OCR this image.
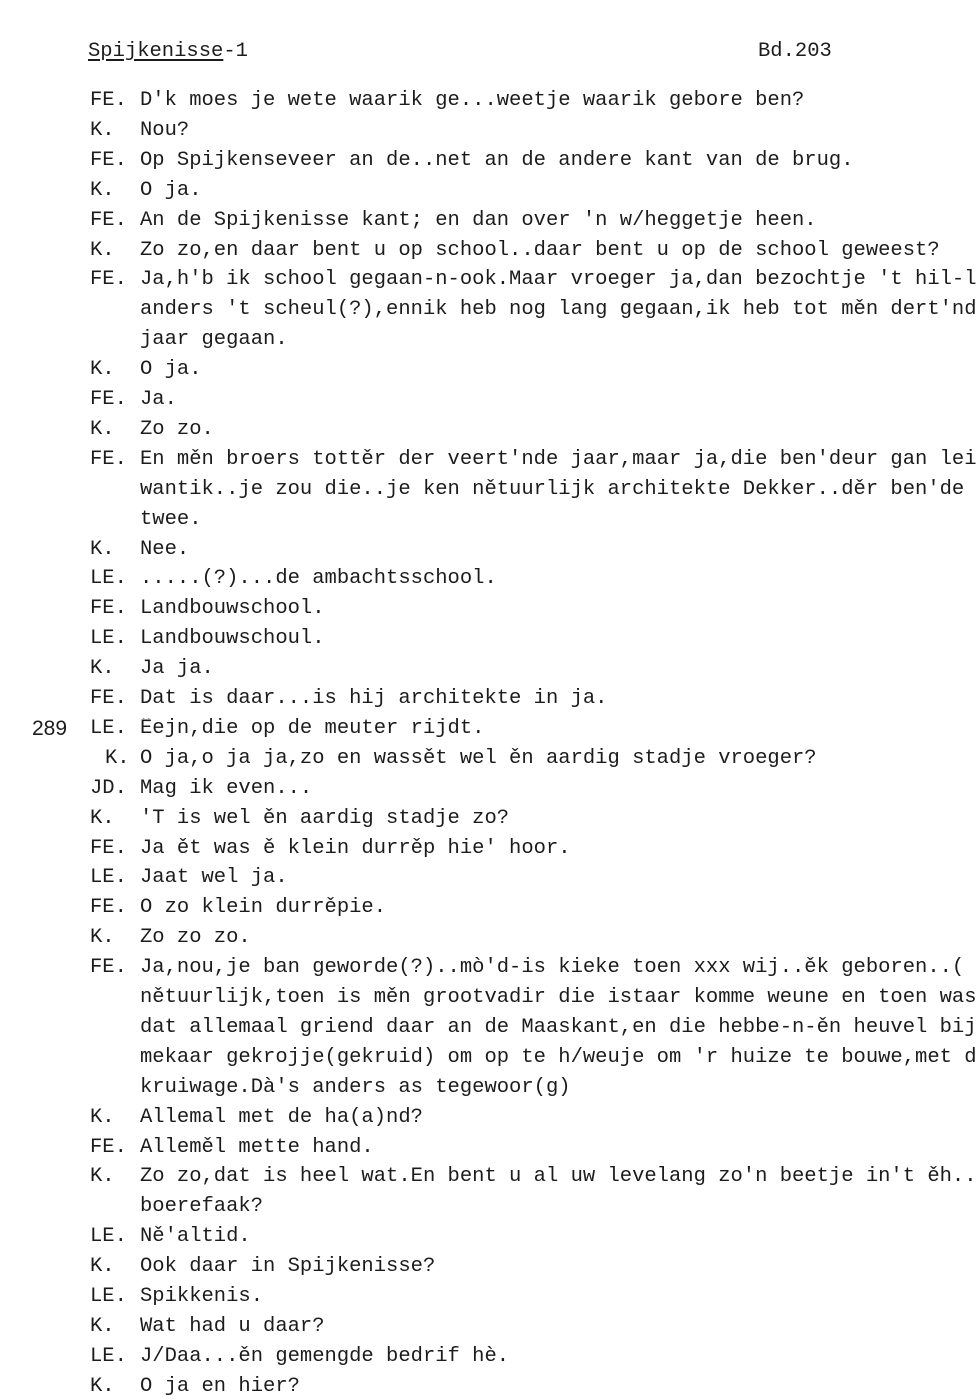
Spijkenisse-1	Bd.203
FE. D'k moes je wete waarik ge...weetje waarik gebore ben?
K. Nou?
FE. Op Spijkenseveer an de..net an de andere kant van de brug.
K. O ja.
FE. An de Spijkenisse kant; en dan over 'n w/heggetje heen.
K. Zo zo,en daar bent u op school..daar bent u op de school geweest?
FE. Ja,h'b ik school gegaan-n-ook.Maar vroeger ja,dan bezochtje 't hil-l
anders 't scheul(?),ennik heb nog lang gegaan,ik heb tot měn dert'nd
jaar gegaan.
K. O ja.
FE. Ja.
K. Zo zo.
FE. En měn broers tottěr der veert'nde jaar,maar ja,die ben'deur gan lei
wantik..je zou die..je ken nětuurlijk architekte Dekker..děr ben'de
twee.
K. Nee.
LE. .....(?)...de ambachtsschool.
FE. Landbouwschool.
LE. Landbouwschoul.
K. Ja ja.
FE. Dat is daar...is hij architekte in ja.
289 LE. Êejn,die op de meuter rijdt.
K. O ja,o ja ja,zo en wassět wel ěn aardig stadje vroeger?
JD. Mag ik even...
K. 'T is wel ěn aardig stadje zo?
FE. Ja ět was ě klein durrěp hie' hoor.
LE. Jaat wel ja.
FE. O zo klein durrěpie.
K. Zo zo zo.
FE. Ja,nou,je ban geworde(?)..mò'd-is kieke toen xxx wij..ěk geboren..(
nětuurlijk,toen is měn grootvadir die istaar komme weune en toen was
dat allemaal griend daar an de Maaskant,en die hebbe-n-ěn heuvel bij
mekaar gekrojje(gekruid) om op te h/weuje om 'r huize te bouwe,met d
kruiwage.Dà's anders as tegewoor(g)
K. Allemal met de ha(a)nd?
FE. Alleměl mette hand.
K. Zo zo,dat is heel wat.En bent u al uw levelang zo'n beetje in't ěh..
boerefaak?
LE. Ně'altid.
K. Ook daar in Spijkenisse?
LE. Spikkenis.
K. Wat had u daar?
LE. J/Daa...ěn gemengde bedrif hè.
K. O ja en hier?
